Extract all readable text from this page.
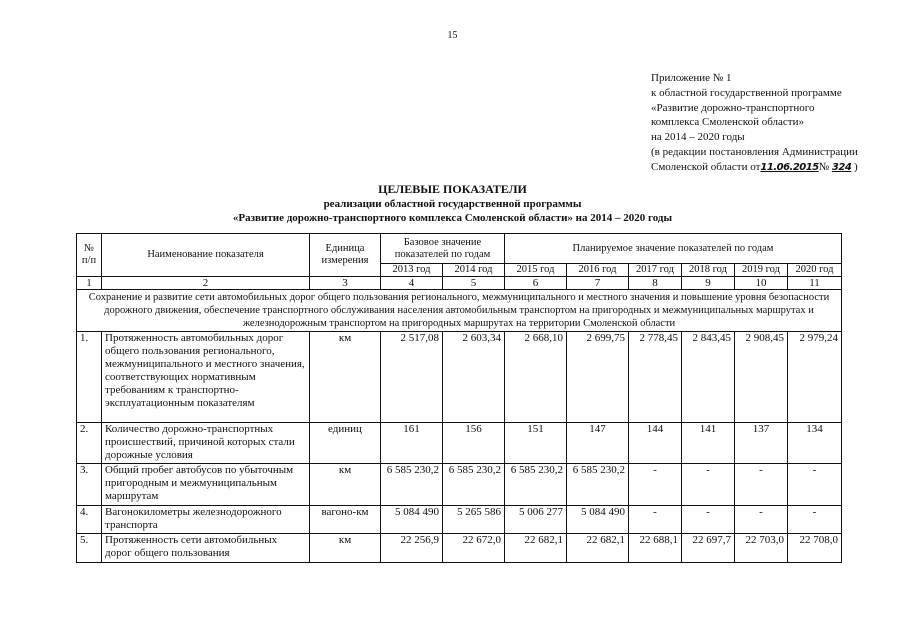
15
Приложение № 1
к областной государственной программе
«Развитие дорожно-транспортного
комплекса Смоленской области»
на 2014 – 2020 годы
(в редакции постановления Администрации
Смоленской области от11.06.2015№ 324 )
ЦЕЛЕВЫЕ ПОКАЗАТЕЛИ
реализации областной государственной программы
«Развитие дорожно-транспортного комплекса Смоленской области» на 2014 – 2020 годы
№ п/п	Наименование показателя	Единица измерения	Базовое значение показателей по годам		Планируемое значение показателей по годам					
			2013 год	2014 год	2015 год	2016 год	2017 год	2018 год	2019 год	2020 год
1	2	3	4	5	6	7	8	9	10	11
Сохранение и развитие сети автомобильных дорог общего пользования регионального, межмуниципального и местного значения и повышение уровня безопасности дорожного движения, обеспечение транспортного обслуживания населения автомобильным транспортом на пригородных и межмуниципальных маршрутах и железнодорожным транспортом на пригородных маршрутах на территории Смоленской области										
1.	Протяженность автомобильных дорог общего пользования регионального, межмуниципального и местного значения, соответствующих нормативным требованиям к транспортно-эксплуатационным показателям	км	2 517,08	2 603,34	2 668,10	2 699,75	2 778,45	2 843,45	2 908,45	2 979,24
2.	Количество дорожно-транспортных происшествий, причиной которых стали дорожные условия	единиц	161	156	151	147	144	141	137	134
3.	Общий пробег автобусов по убыточным пригородным и межмуниципальным маршрутам	км	6 585 230,2	6 585 230,2	6 585 230,2	6 585 230,2	-	-	-	-
4.	Вагонокилометры железнодорожного транспорта	вагоно-км	5 084 490	5 265 586	5 006 277	5 084 490	-	-	-	-
5.	Протяженность сети автомобильных дорог общего пользования	км	22 256,9	22 672,0	22 682,1	22 682,1	22 688,1	22 697,7	22 703,0	22 708,0
